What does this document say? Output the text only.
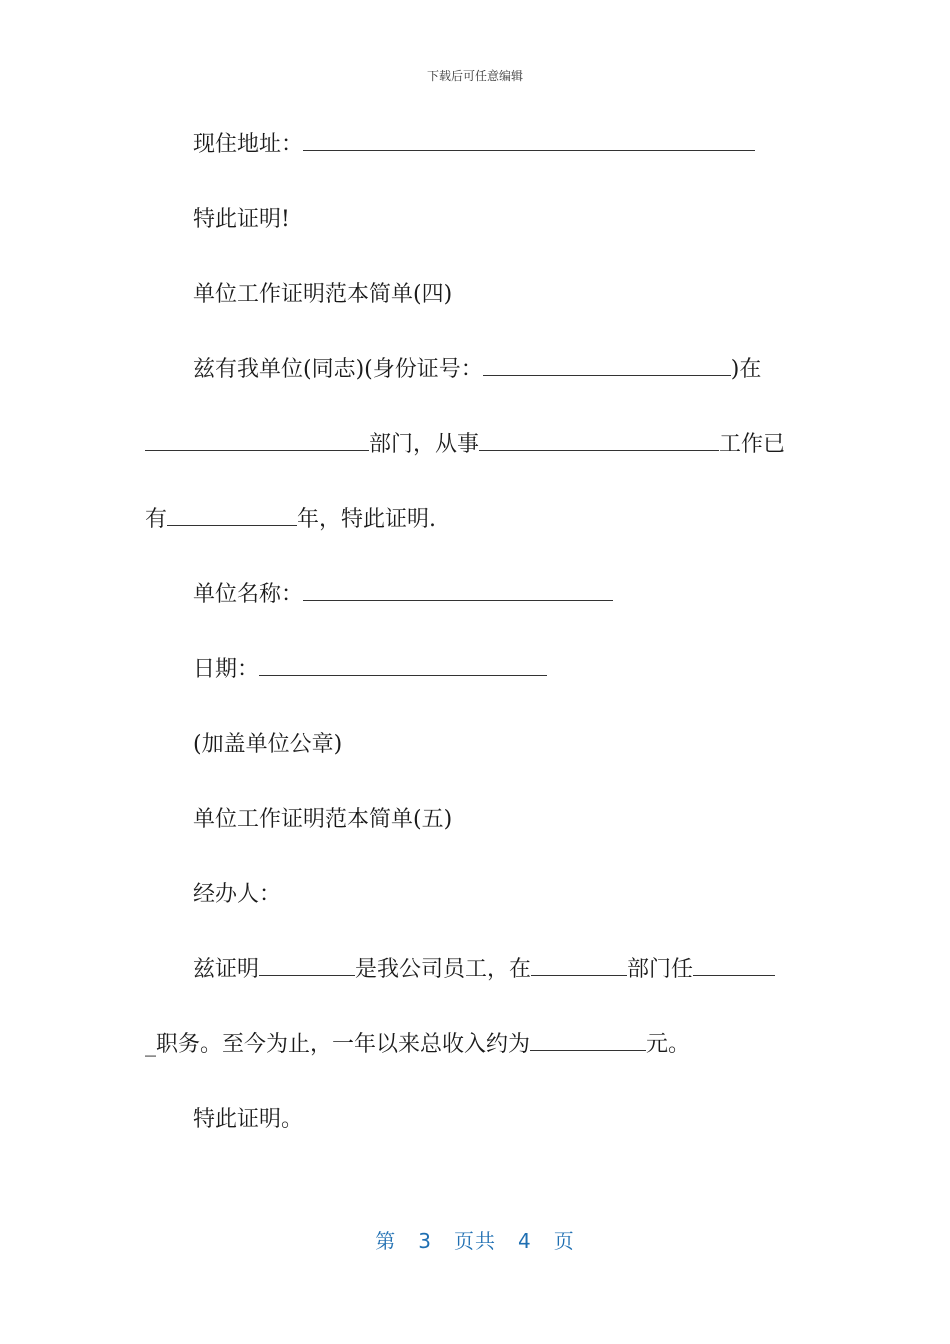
下载后可任意编辑
现住地址：
特此证明!
单位工作证明范本简单(四)
兹有我单位(同志)(身份证号：	)在
部门，从事	工作已
有	年，特此证明.
单位名称：
日期：
(加盖单位公章)
单位工作证明范本简单(五)
经办人：
兹证明	是我公司员工，在	部门任
_职务。至今为止，一年以来总收入约为	元。
特此证明。
第 3 页共 4 页
